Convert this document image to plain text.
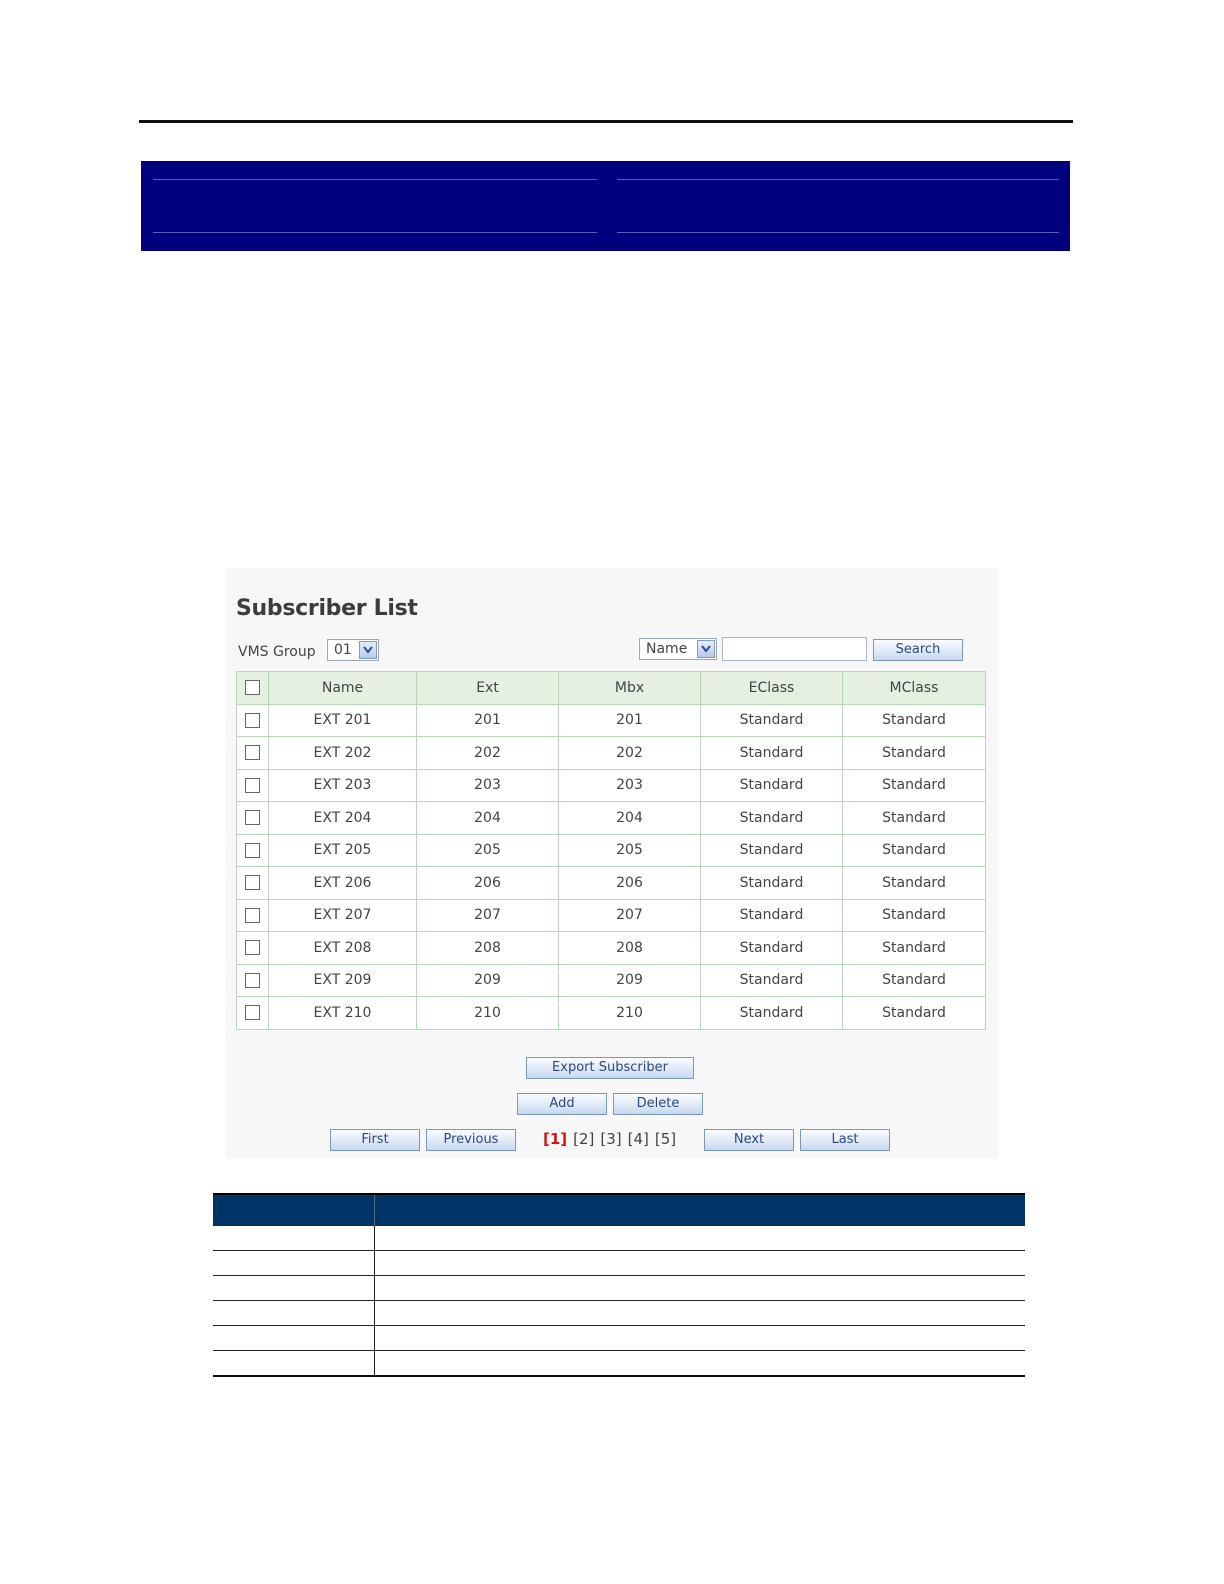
Subscriber List
VMS Group 01	Name	Search
	Name	Ext	Mbx	EClass	MClass
	EXT 201	201	201	Standard	Standard
	EXT 202	202	202	Standard	Standard
	EXT 203	203	203	Standard	Standard
	EXT 204	204	204	Standard	Standard
	EXT 205	205	205	Standard	Standard
	EXT 206	206	206	Standard	Standard
	EXT 207	207	207	Standard	Standard
	EXT 208	208	208	Standard	Standard
	EXT 209	209	209	Standard	Standard
	EXT 210	210	210	Standard	Standard
Export Subscriber
Add	Delete
First	Previous	[1] [2] [3] [4] [5]	Next	Last
